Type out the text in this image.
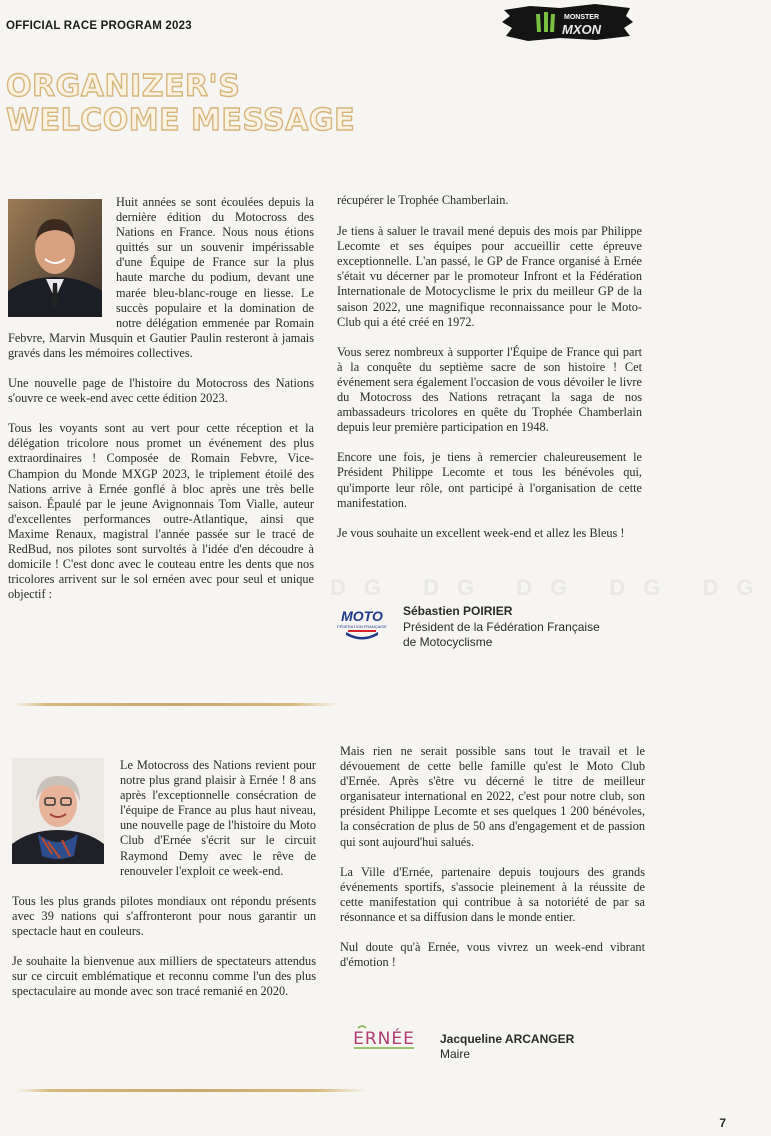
OFFICIAL RACE PROGRAM 2023
MONSTER
MXON
ORGANIZER'S
WELCOME MESSAGE

Huit années se sont écoulées depuis la dernière édition du Motocross des Nations en France. Nous nous étions quittés sur un souvenir impérissable d'une Équipe de France sur la plus haute marche du podium, devant une marée bleu-blanc-rouge en liesse. Le succès populaire et la domination de notre délégation emmenée par Romain Febvre, Marvin Musquin et Gautier Paulin resteront à jamais gravés dans les mémoires collectives.

Une nouvelle page de l'histoire du Motocross des Nations s'ouvre ce week-end avec cette édition 2023.

Tous les voyants sont au vert pour cette réception et la délégation tricolore nous promet un événement des plus extraordinaires ! Composée de Romain Febvre, Vice-Champion du Monde MXGP 2023, le triplement étoilé des Nations arrive à Ernée gonflé à bloc après une très belle saison. Épaulé par le jeune Avignonnais Tom Vialle, auteur d'excellentes performances outre-Atlantique, ainsi que Maxime Renaux, magistral l'année passée sur le tracé de RedBud, nos pilotes sont survoltés à l'idée d'en découdre à domicile ! C'est donc avec le couteau entre les dents que nos tricolores arrivent sur le sol ernéen avec pour seul et unique objectif :

récupérer le Trophée Chamberlain.

Je tiens à saluer le travail mené depuis des mois par Philippe Lecomte et ses équipes pour accueillir cette épreuve exceptionnelle. L'an passé, le GP de France organisé à Ernée s'était vu décerner par le promoteur Infront et la Fédération Internationale de Motocyclisme le prix du meilleur GP de la saison 2022, une magnifique reconnaissance pour le Moto-Club qui a été créé en 1972.

Vous serez nombreux à supporter l'Équipe de France qui part à la conquête du septième sacre de son histoire ! Cet événement sera également l'occasion de vous dévoiler le livre du Motocross des Nations retraçant la saga de nos ambassadeurs tricolores en quête du Trophée Chamberlain depuis leur première participation en 1948.

Encore une fois, je tiens à remercier chaleureusement le Président Philippe Lecomte et tous les bénévoles qui, qu'importe leur rôle, ont participé à l'organisation de cette manifestation.

Je vous souhaite un excellent week-end et allez les Bleus !

DG DG DG DG DG
MOTO
FÉDÉRATION FRANÇAISE
Sébastien POIRIER
Président de la Fédération Française
de Motocyclisme

Le Motocross des Nations revient pour notre plus grand plaisir à Ernée ! 8 ans après l'exceptionnelle consécration de l'équipe de France au plus haut niveau, une nouvelle page de l'histoire du Moto Club d'Ernée s'écrit sur le circuit Raymond Demy avec le rêve de renouveler l'exploit ce week-end.

Tous les plus grands pilotes mondiaux ont répondu présents avec 39 nations qui s'affronteront pour nous garantir un spectacle haut en couleurs.

Je souhaite la bienvenue aux milliers de spectateurs attendus sur ce circuit emblématique et reconnu comme l'un des plus spectaculaire au monde avec son tracé remanié en 2020.

Mais rien ne serait possible sans tout le travail et le dévouement de cette belle famille qu'est le Moto Club d'Ernée. Après s'être vu décerné le titre de meilleur organisateur international en 2022, c'est pour notre club, son président Philippe Lecomte et ses quelques 1 200 bénévoles, la consécration de plus de 50 ans d'engagement et de passion qui sont aujourd'hui salués.

La Ville d'Ernée, partenaire depuis toujours des grands événements sportifs, s'associe pleinement à la réussite de cette manifestation qui contribue à sa notoriété de par sa résonnance et sa diffusion dans le monde entier.

Nul doute qu'à Ernée, vous vivrez un week-end vibrant d'émotion !

ERNÉE Jacqueline ARCANGER
Maire
7
